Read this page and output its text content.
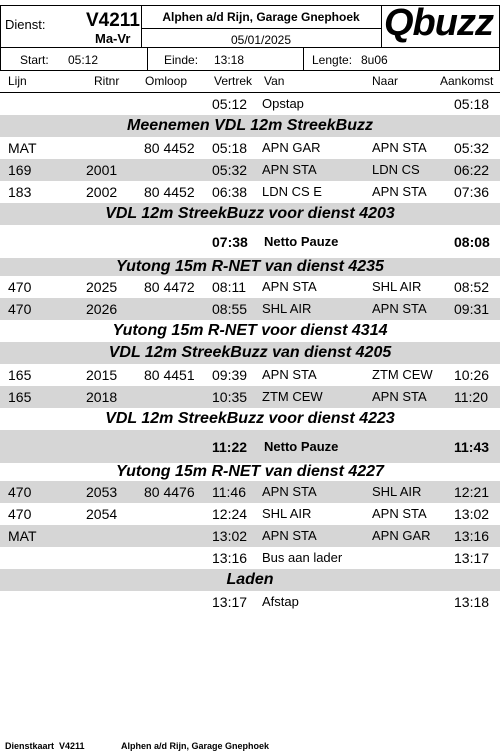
Dienst: V4211
Ma-Vr
Alphen a/d Rijn, Garage Gnephoek
05/01/2025	Qbuzz
Start: 05:12	Einde: 13:18	Lengte: 8u06
Lijn	Ritnr Omloop Vertrek Van	Naar	Aankomst
05:12 Opstap	05:18
Meenemen VDL 12m StreekBuzz
MAT	80 4452 05:18 APN GAR	APN STA 05:32
169	2001	05:32 APN STA	LDN CS 06:22
183	2002 80 4452 06:38 LDN CS E	APN STA 07:36
VDL 12m StreekBuzz voor dienst 4203
07:38 Netto Pauze	08:08
Yutong 15m R-NET van dienst 4235
470	2025 80 4472 08:11 APN STA	SHL AIR 08:52
470	2026	08:55 SHL AIR	APN STA 09:31
Yutong 15m R-NET voor dienst 4314
VDL 12m StreekBuzz van dienst 4205
165	2015 80 4451 09:39 APN STA	ZTM CEW 10:26
165	2018	10:35 ZTM CEW	APN STA 11:20
VDL 12m StreekBuzz voor dienst 4223
11:22 Netto Pauze	11:43
Yutong 15m R-NET van dienst 4227
470	2053 80 4476 11:46 APN STA	SHL AIR 12:21
470	2054	12:24 SHL AIR	APN STA 13:02
MAT	13:02 APN STA	APN GAR 13:16
13:16 Bus aan lader	13:17
Laden
13:17 Afstap	13:18
Dienstkaart  V4211	Alphen a/d Rijn, Garage Gnephoek
